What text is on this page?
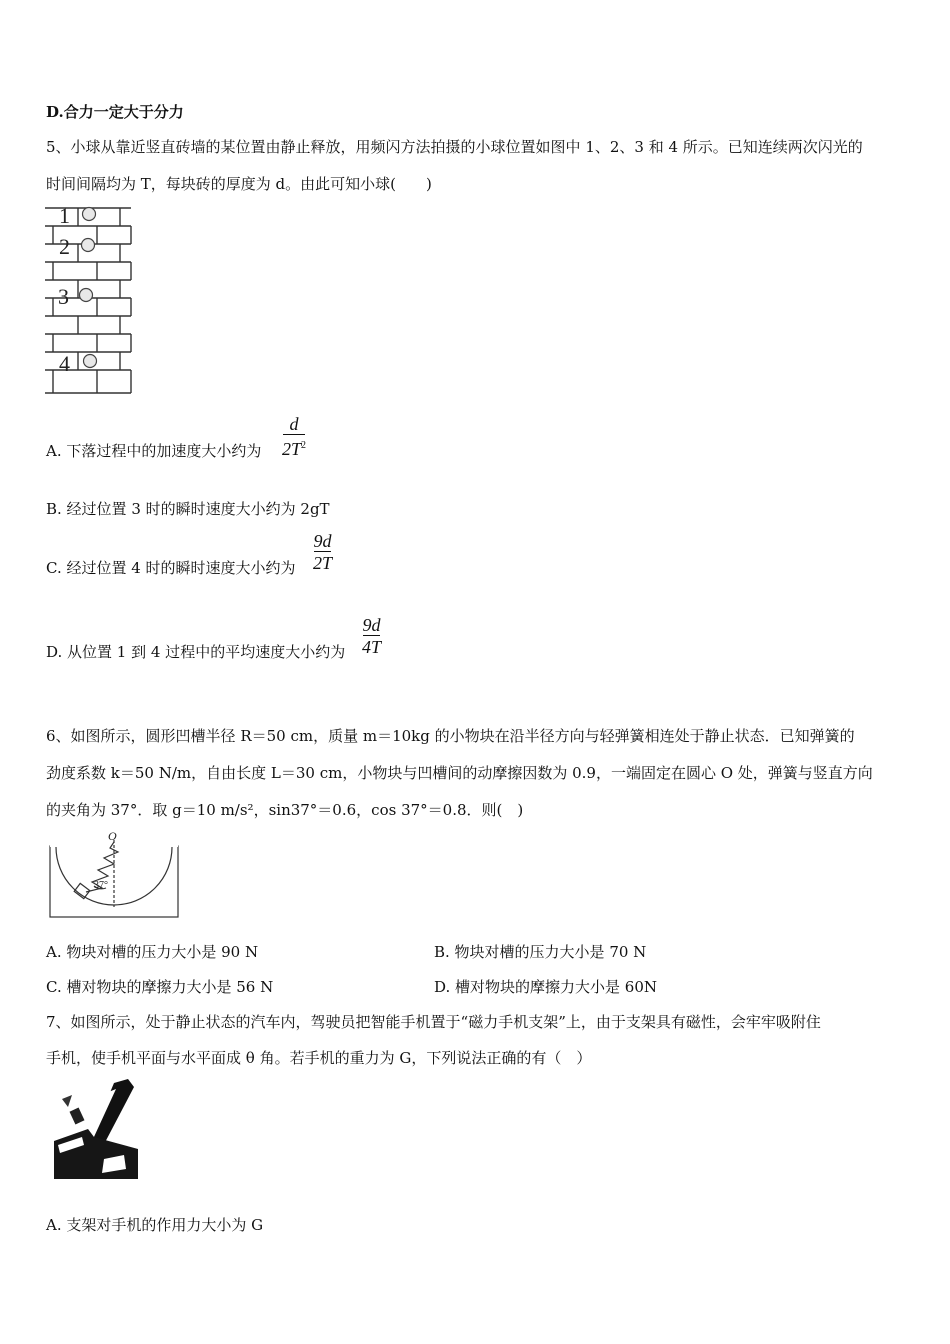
D.合力一定大于分力
5、小球从靠近竖直砖墙的某位置由静止释放，用频闪方法拍摄的小球位置如图中 1、2、3 和 4 所示。已知连续两次闪光的
时间间隔均为 T，每块砖的厚度为 d。由此可知小球(　　)
1
2
3
4
A. 下落过程中的加速度大小约为
d
$2T^2$
B. 经过位置 3 时的瞬时速度大小约为 2gT
C. 经过位置 4 时的瞬时速度大小约为
9d
2T
D. 从位置 1 到 4 过程中的平均速度大小约为
9d
4T
6、如图所示，圆形凹槽半径 R＝50 cm，质量 m＝10kg 的小物块在沿半径方向与轻弹簧相连处于静止状态．已知弹簧的
劲度系数 k＝50 N/m，自由长度 L＝30 cm，小物块与凹槽间的动摩擦因数为 0.9，一端固定在圆心 O 处，弹簧与竖直方向
的夹角为 37°．取 g＝10 m/s²，sin37°＝0.6，cos 37°＝0.8．则(　)
O
37°
A. 物块对槽的压力大小是 90 N	B. 物块对槽的压力大小是 70 N
C. 槽对物块的摩擦力大小是 56 N	D. 槽对物块的摩擦力大小是 60N
7、如图所示，处于静止状态的汽车内，驾驶员把智能手机置于“磁力手机支架”上，由于支架具有磁性，会牢牢吸附住
手机，使手机平面与水平面成 θ 角。若手机的重力为 G，下列说法正确的有（　）
A. 支架对手机的作用力大小为 G
